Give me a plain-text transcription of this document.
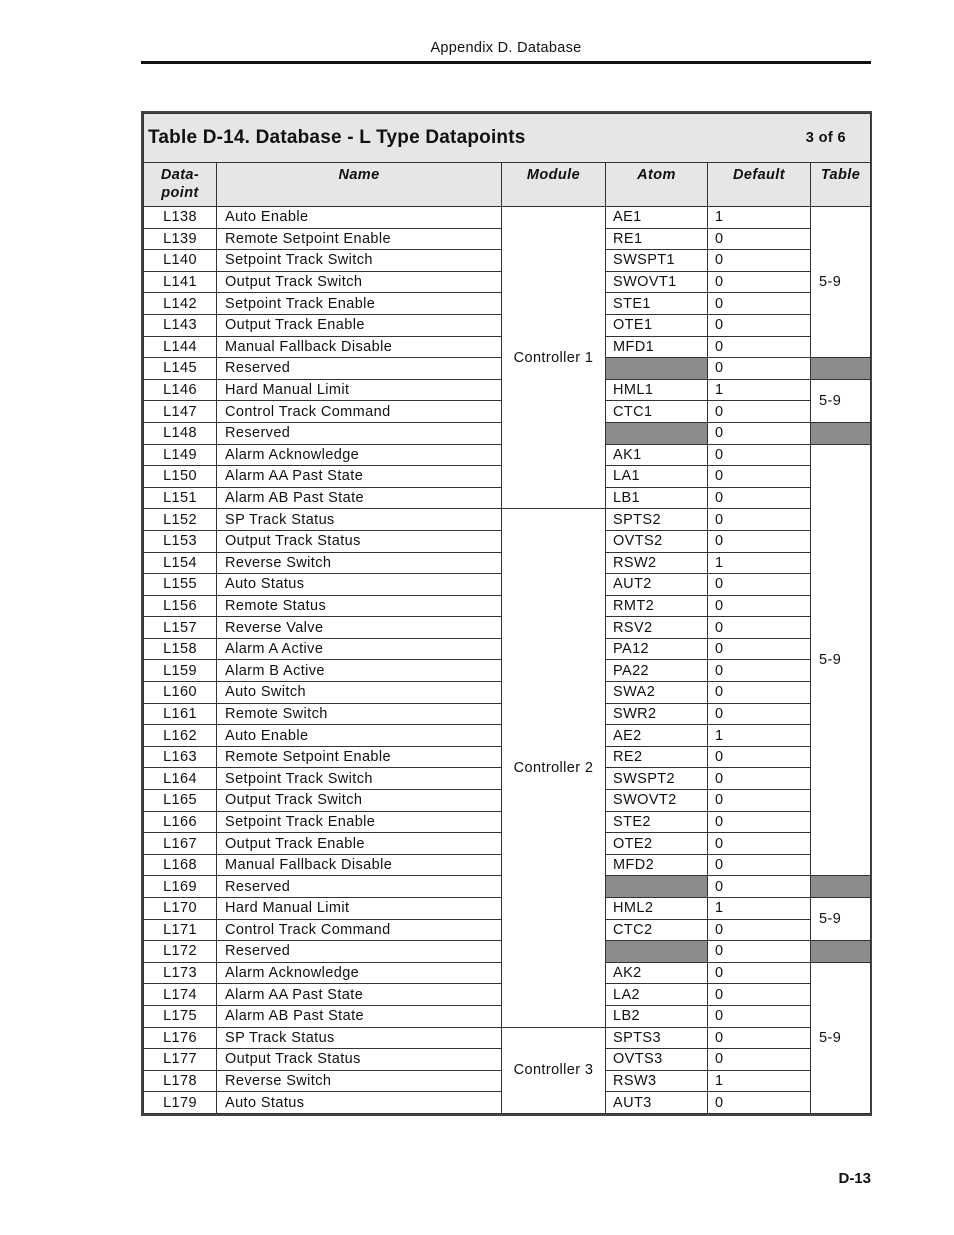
Appendix D. Database
Table D-14. Database - L Type Datapoints 3 of 6					

Data-
point	Name	Module	Atom	Default	Table
L138	Auto Enable	Controller 1	AE1	1	5-9
L139	Remote Setpoint Enable		RE1	0	
L140	Setpoint Track Switch		SWSPT1	0	
L141	Output Track Switch		SWOVT1	0	
L142	Setpoint Track Enable		STE1	0	
L143	Output Track Enable		OTE1	0	
L144	Manual Fallback Disable		MFD1	0	
L145	Reserved			0	
L146	Hard Manual Limit		HML1	1	5-9
L147	Control Track Command		CTC1	0	
L148	Reserved			0	
L149	Alarm Acknowledge		AK1	0	5-9
L150	Alarm AA Past State		LA1	0	
L151	Alarm AB Past State		LB1	0	
L152	SP Track Status	Controller 2	SPTS2	0	
L153	Output Track Status		OVTS2	0	
L154	Reverse Switch		RSW2	1	
L155	Auto Status		AUT2	0	
L156	Remote Status		RMT2	0	
L157	Reverse Valve		RSV2	0	
L158	Alarm A Active		PA12	0	
L159	Alarm B Active		PA22	0	
L160	Auto Switch		SWA2	0	
L161	Remote Switch		SWR2	0	
L162	Auto Enable		AE2	1	
L163	Remote Setpoint Enable		RE2	0	
L164	Setpoint Track Switch		SWSPT2	0	
L165	Output Track Switch		SWOVT2	0	
L166	Setpoint Track Enable		STE2	0	
L167	Output Track Enable		OTE2	0	
L168	Manual Fallback Disable		MFD2	0	
L169	Reserved			0	
L170	Hard Manual Limit		HML2	1	5-9
L171	Control Track Command		CTC2	0	
L172	Reserved			0	
L173	Alarm Acknowledge		AK2	0	5-9
L174	Alarm AA Past State		LA2	0	
L175	Alarm AB Past State		LB2	0	
L176	SP Track Status	Controller 3	SPTS3	0	
L177	Output Track Status		OVTS3	0	
L178	Reverse Switch		RSW3	1	
L179	Auto Status		AUT3	0	
D-13
